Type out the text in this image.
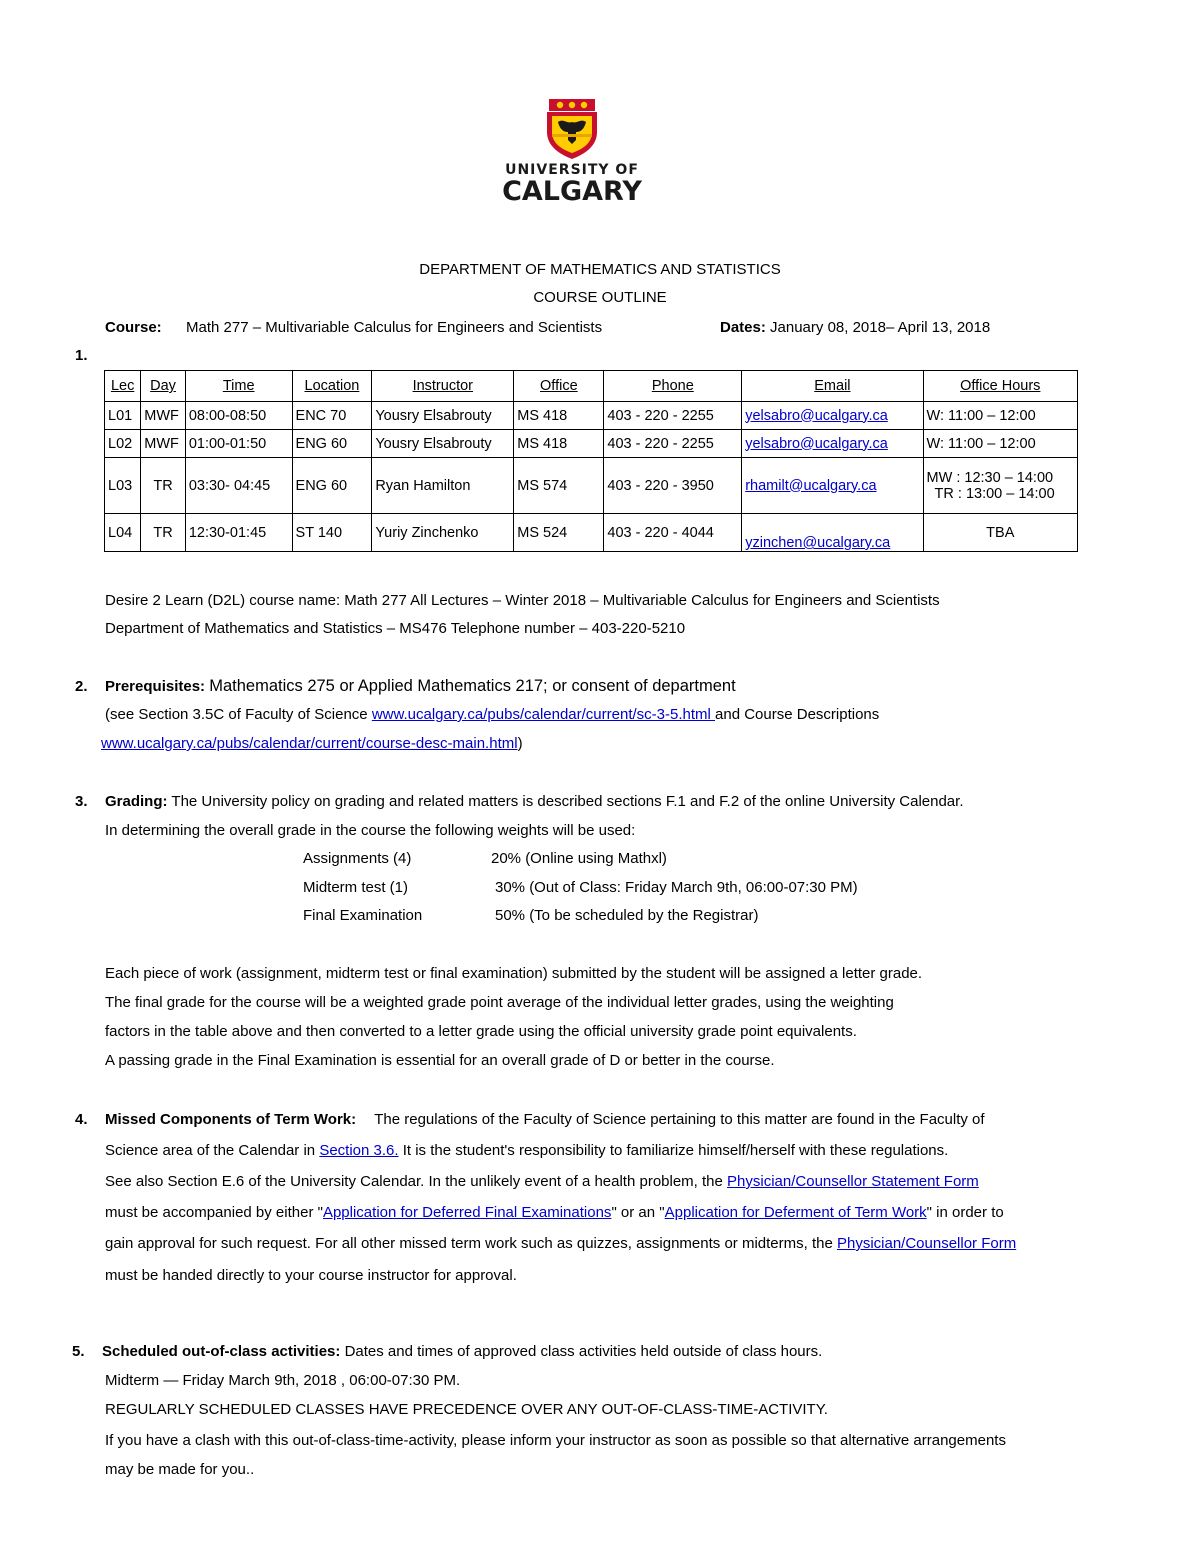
UNIVERSITY OF
CALGARY
DEPARTMENT OF MATHEMATICS AND STATISTICS
COURSE OUTLINE
Course: Math 277 – Multivariable Calculus for Engineers and Scientists	Dates: January 08, 2018– April 13, 2018
1.
Lec	Day	Time	Location	Instructor	Office	Phone	Email	Office Hours
L01	MWF	08:00-08:50	ENC 70	Yousry Elsabrouty	MS 418	403 - 220 - 2255	yelsabro@ucalgary.ca	W: 11:00 – 12:00
L02	MWF	01:00-01:50	ENG 60	Yousry Elsabrouty	MS 418	403 - 220 - 2255	yelsabro@ucalgary.ca	W: 11:00 – 12:00
L03	TR	03:30- 04:45	ENG 60	Ryan Hamilton	MS 574	403 - 220 - 3950	rhamilt@ucalgary.ca	MW : 12:30 – 14:00
TR : 13:00 – 14:00

L04	TR	12:30-01:45	ST 140	Yuriy Zinchenko	MS 524	403 - 220 - 4044	yzinchen@ucalgary.ca	TBA
Desire 2 Learn (D2L) course name: Math 277 All Lectures – Winter 2018 – Multivariable Calculus for Engineers and Scientists
Department of Mathematics and Statistics – MS476 Telephone number – 403-220-5210
2. Prerequisites: Mathematics 275 or Applied Mathematics 217; or consent of department
(see Section 3.5C of Faculty of Science www.ucalgary.ca/pubs/calendar/current/sc-3-5.html and Course Descriptions
www.ucalgary.ca/pubs/calendar/current/course-desc-main.html)
3. Grading: The University policy on grading and related matters is described sections F.1 and F.2 of the online University Calendar.
In determining the overall grade in the course the following weights will be used:
Assignments (4)	20% (Online using Mathxl)
Midterm test (1)	30% (Out of Class: Friday March 9th, 06:00-07:30 PM)
Final Examination	50% (To be scheduled by the Registrar)
Each piece of work (assignment, midterm test or final examination) submitted by the student will be assigned a letter grade.
The final grade for the course will be a weighted grade point average of the individual letter grades, using the weighting
factors in the table above and then converted to a letter grade using the official university grade point equivalents.
A passing grade in the Final Examination is essential for an overall grade of D or better in the course.
4. Missed Components of Term Work: The regulations of the Faculty of Science pertaining to this matter are found in the Faculty of
Science area of the Calendar in Section 3.6. It is the student's responsibility to familiarize himself/herself with these regulations.
See also Section E.6 of the University Calendar. In the unlikely event of a health problem, the Physician/Counsellor Statement Form
must be accompanied by either "Application for Deferred Final Examinations" or an "Application for Deferment of Term Work" in order to
gain approval for such request. For all other missed term work such as quizzes, assignments or midterms, the Physician/Counsellor Form
must be handed directly to your course instructor for approval.
5. Scheduled out-of-class activities: Dates and times of approved class activities held outside of class hours.
Midterm — Friday March 9th, 2018 , 06:00-07:30 PM.
REGULARLY SCHEDULED CLASSES HAVE PRECEDENCE OVER ANY OUT-OF-CLASS-TIME-ACTIVITY.
If you have a clash with this out-of-class-time-activity, please inform your instructor as soon as possible so that alternative arrangements
may be made for you..
